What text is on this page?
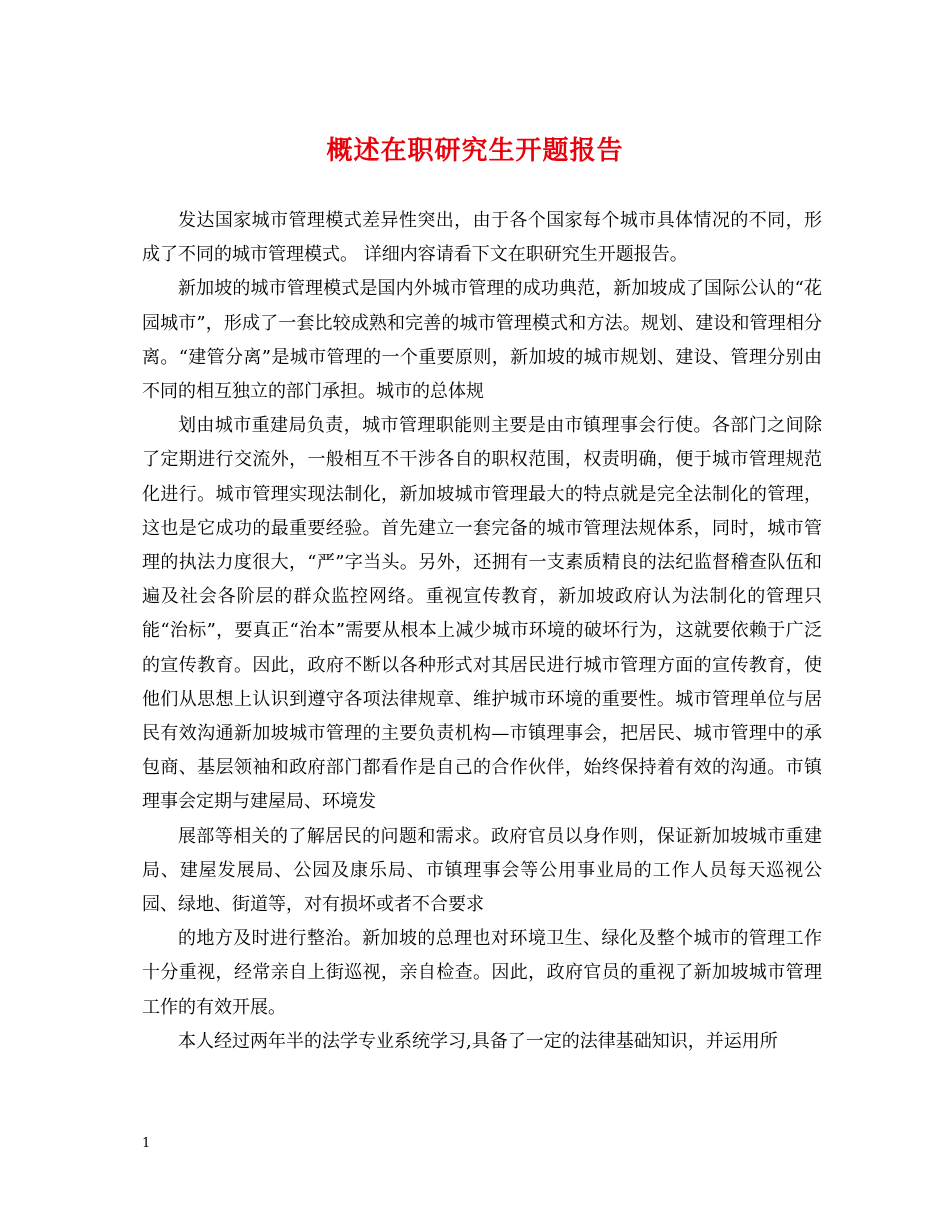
概述在职研究生开题报告

发达国家城市管理模式差异性突出，由于各个国家每个城市具体情况的不同，形成了不同的城市管理模式。 详细内容请看下文在职研究生开题报告。

新加坡的城市管理模式是国内外城市管理的成功典范，新加坡成了国际公认的“花园城市”，形成了一套比较成熟和完善的城市管理模式和方法。规划、建设和管理相分离。“建管分离”是城市管理的一个重要原则，新加坡的城市规划、建设、管理分别由不同的相互独立的部门承担。城市的总体规

划由城市重建局负责，城市管理职能则主要是由市镇理事会行使。各部门之间除了定期进行交流外，一般相互不干涉各自的职权范围，权责明确，便于城市管理规范化进行。城市管理实现法制化，新加坡城市管理最大的特点就是完全法制化的管理，这也是它成功的最重要经验。首先建立一套完备的城市管理法规体系，同时，城市管理的执法力度很大，“严”字当头。另外，还拥有一支素质精良的法纪监督稽查队伍和遍及社会各阶层的群众监控网络。重视宣传教育，新加坡政府认为法制化的管理只能“治标”，要真正“治本”需要从根本上减少城市环境的破坏行为，这就要依赖于广泛的宣传教育。因此，政府不断以各种形式对其居民进行城市管理方面的宣传教育，使他们从思想上认识到遵守各项法律规章、维护城市环境的重要性。城市管理单位与居民有效沟通新加坡城市管理的主要负责机构—市镇理事会，把居民、城市管理中的承包商、基层领袖和政府部门都看作是自己的合作伙伴，始终保持着有效的沟通。市镇理事会定期与建屋局、环境发

展部等相关的了解居民的问题和需求。政府官员以身作则，保证新加坡城市重建局、建屋发展局、公园及康乐局、市镇理事会等公用事业局的工作人员每天巡视公园、绿地、街道等，对有损坏或者不合要求

的地方及时进行整治。新加坡的总理也对环境卫生、绿化及整个城市的管理工作十分重视，经常亲自上街巡视，亲自检查。因此，政府官员的重视了新加坡城市管理工作的有效开展。

本人经过两年半的法学专业系统学习,具备了一定的法律基础知识，并运用所

1
